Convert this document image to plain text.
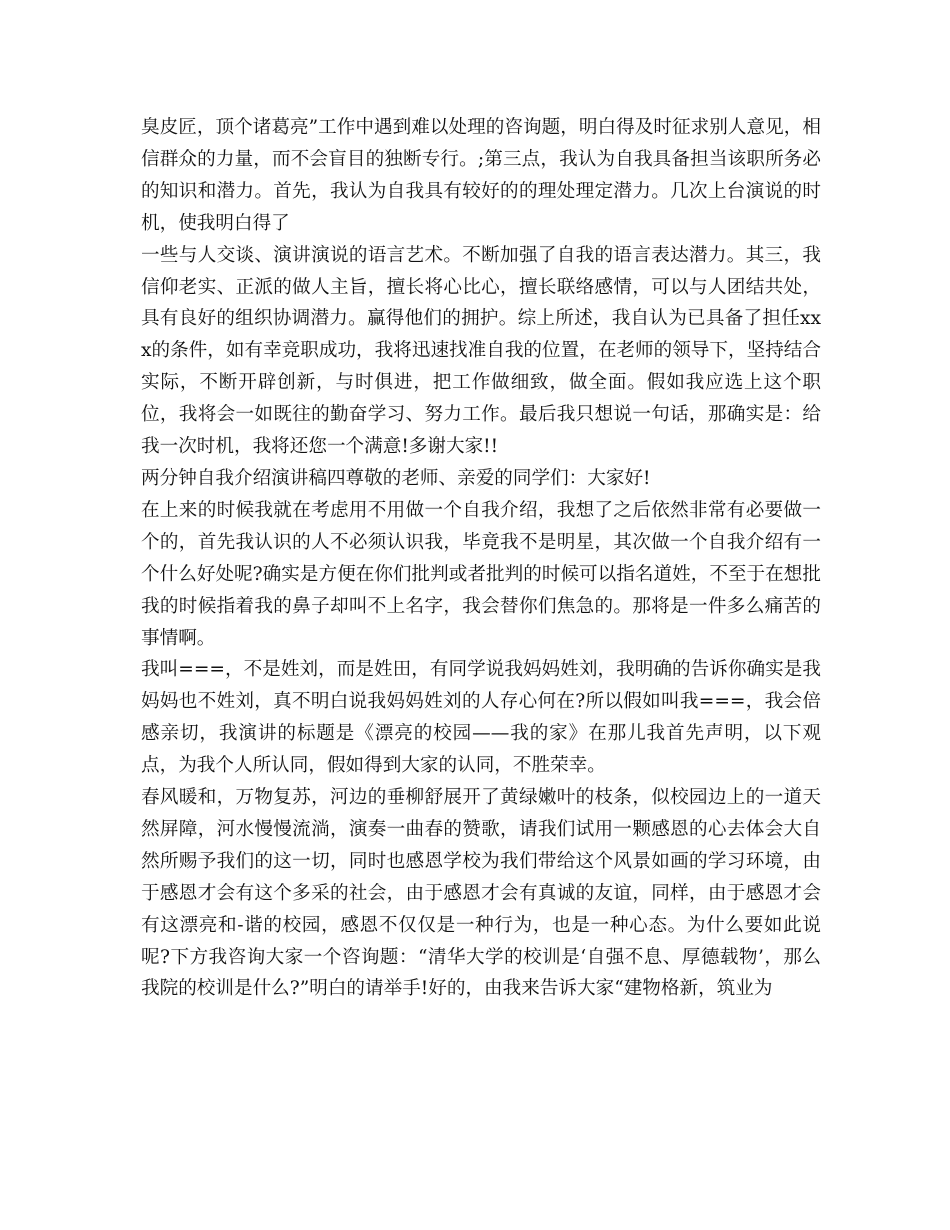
臭皮匠，顶个诸葛亮”工作中遇到难以处理的咨询题，明白得及时征求别人意见，相信群众的力量，而不会盲目的独断专行。;第三点，我认为自我具备担当该职所务必的知识和潜力。首先，我认为自我具有较好的的理处理定潜力。几次上台演说的时机，使我明白得了

一些与人交谈、演讲演说的语言艺术。不断加强了自我的语言表达潜力。其三，我信仰老实、正派的做人主旨，擅长将心比心，擅长联络感情，可以与人团结共处，具有良好的组织协调潜力。赢得他们的拥护。综上所述，我自认为已具备了担任xxx的条件，如有幸竞职成功，我将迅速找准自我的位置，在老师的领导下，坚持结合实际，不断开辟创新，与时俱进，把工作做细致，做全面。假如我应选上这个职位，我将会一如既往的勤奋学习、努力工作。最后我只想说一句话，那确实是：给我一次时机，我将还您一个满意!多谢大家!!

两分钟自我介绍演讲稿四尊敬的老师、亲爱的同学们：大家好!

在上来的时候我就在考虑用不用做一个自我介绍，我想了之后依然非常有必要做一个的，首先我认识的人不必须认识我，毕竟我不是明星，其次做一个自我介绍有一个什么好处呢?确实是方便在你们批判或者批判的时候可以指名道姓，不至于在想批我的时候指着我的鼻子却叫不上名字，我会替你们焦急的。那将是一件多么痛苦的事情啊。

我叫===，不是姓刘，而是姓田，有同学说我妈妈姓刘，我明确的告诉你确实是我妈妈也不姓刘，真不明白说我妈妈姓刘的人存心何在?所以假如叫我===，我会倍感亲切，我演讲的标题是《漂亮的校园——我的家》在那儿我首先声明，以下观点，为我个人所认同，假如得到大家的认同，不胜荣幸。

春风暖和，万物复苏，河边的垂柳舒展开了黄绿嫩叶的枝条，似校园边上的一道天然屏障，河水慢慢流淌，演奏一曲春的赞歌，请我们试用一颗感恩的心去体会大自然所赐予我们的这一切，同时也感恩学校为我们带给这个风景如画的学习环境，由于感恩才会有这个多采的社会，由于感恩才会有真诚的友谊，同样，由于感恩才会有这漂亮和-谐的校园，感恩不仅仅是一种行为，也是一种心态。为什么要如此说呢?下方我咨询大家一个咨询题：“清华大学的校训是‘自强不息、厚德载物’，那么我院的校训是什么?”明白的请举手!好的，由我来告诉大家“建物格新，筑业为
